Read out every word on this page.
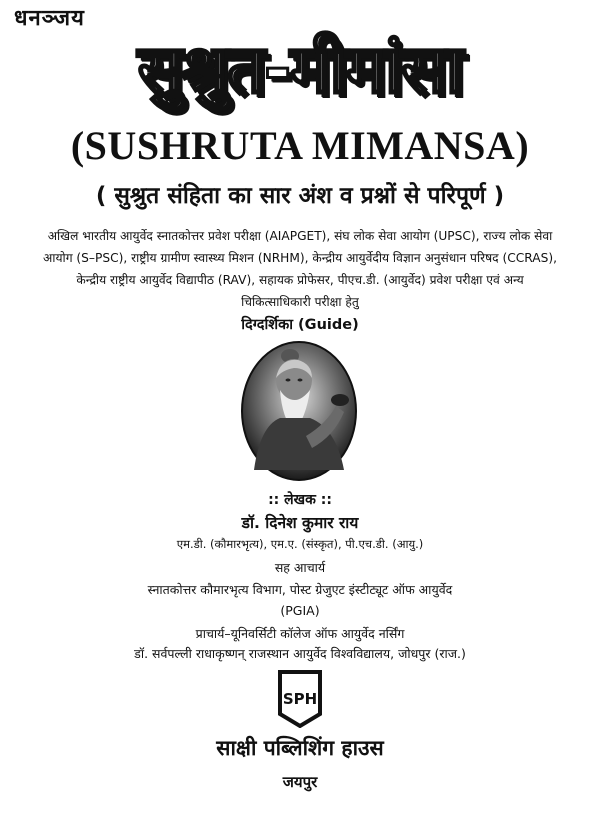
धनञ्जय
सुश्रुत-मीमांसा
(SUSHRUTA MIMANSA)
( सुश्रुत संहिता का सार अंश व प्रश्नों से परिपूर्ण )
अखिल भारतीय आयुर्वेद स्नातकोत्तर प्रवेश परीक्षा (AIAPGET), संघ लोक सेवा आयोग (UPSC), राज्य लोक सेवा
आयोग (S–PSC), राष्ट्रीय ग्रामीण स्वास्थ्य मिशन (NRHM), केन्द्रीय आयुर्वेदीय विज्ञान अनुसंधान परिषद (CCRAS),
केन्द्रीय राष्ट्रीय आयुर्वेद विद्यापीठ (RAV), सहायक प्रोफेसर, पीएच.डी. (आयुर्वेद) प्रवेश परीक्षा एवं अन्य
चिकित्साधिकारी परीक्षा हेतु
दिग्दर्शिका (Guide)
:: लेखक ::
डॉ. दिनेश कुमार राय
एम.डी. (कौमारभृत्य), एम.ए. (संस्कृत), पी.एच.डी. (आयु.)
सह आचार्य
स्नातकोत्तर कौमारभृत्य विभाग, पोस्ट ग्रेजुएट इंस्टीट्यूट ऑफ आयुर्वेद
(PGIA)
प्राचार्य–यूनिवर्सिटी कॉलेज ऑफ आयुर्वेद नर्सिंग
डॉ. सर्वपल्ली राधाकृष्णन् राजस्थान आयुर्वेद विश्वविद्यालय, जोधपुर (राज.)
SPH
साक्षी पब्लिशिंग हाउस
जयपुर
